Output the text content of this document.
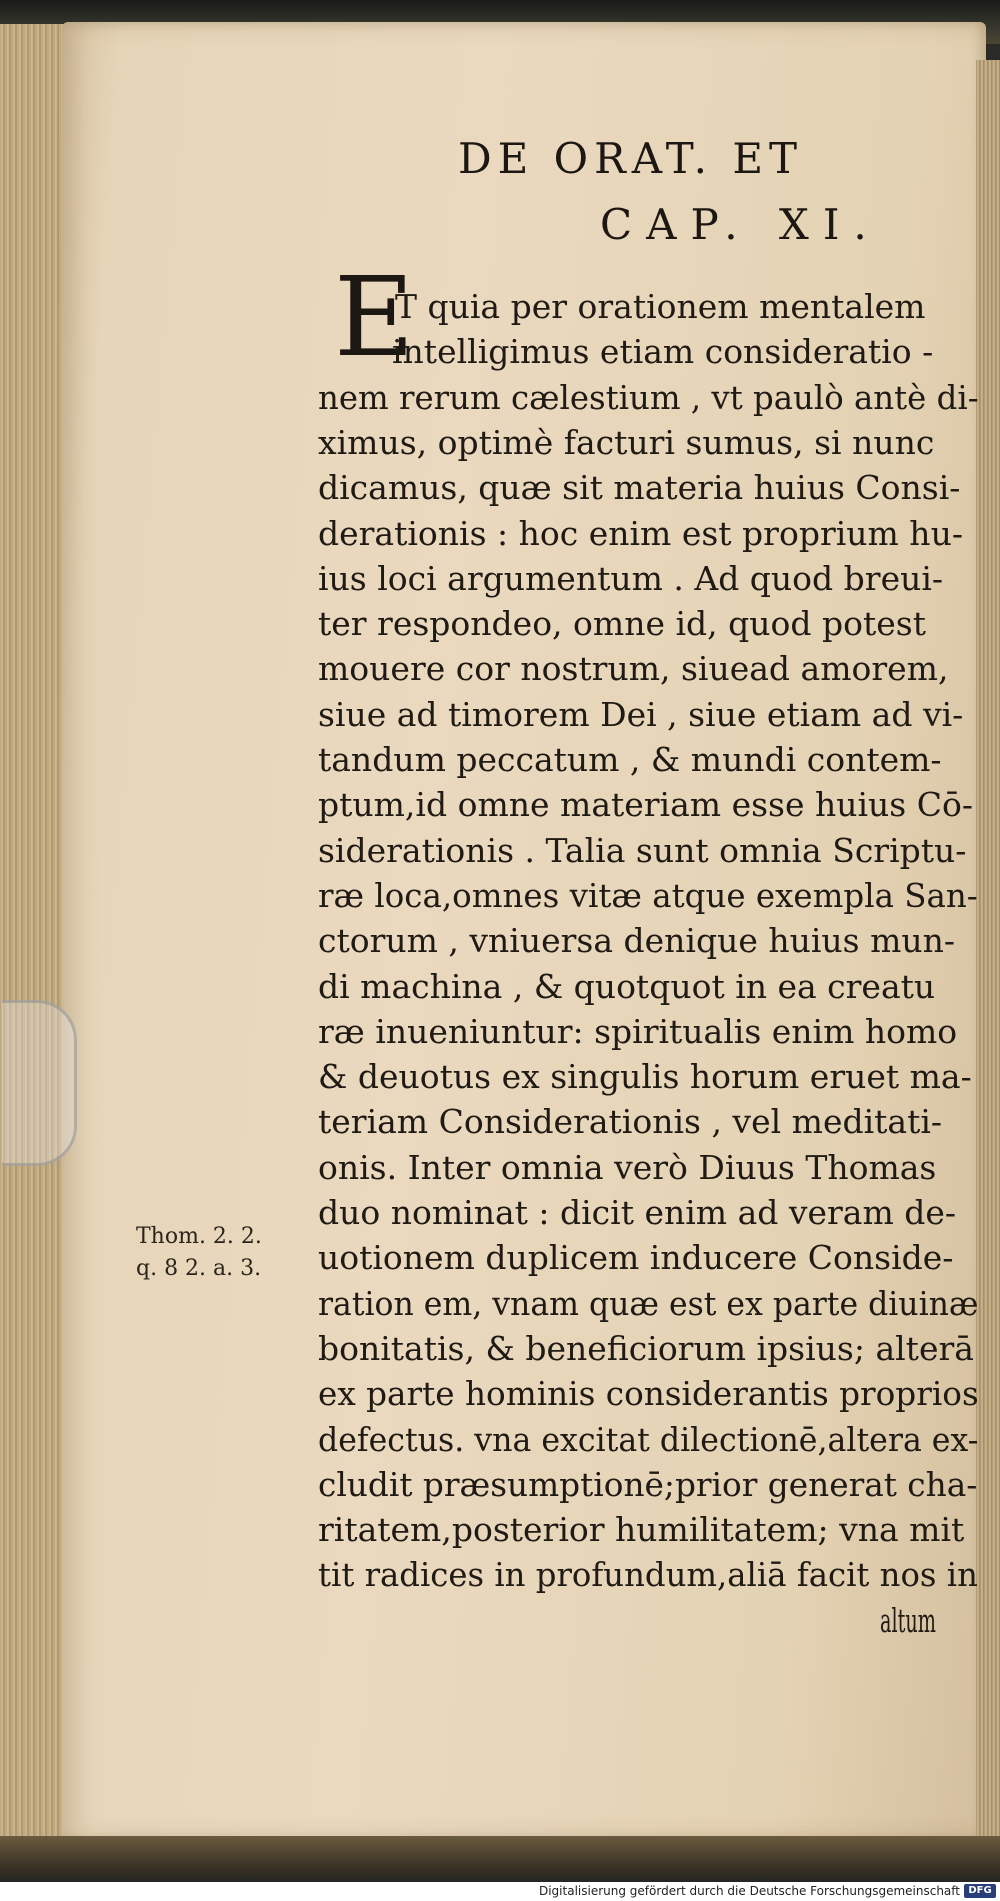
DE ORAT. ET
CAP. XI.
E
T quia per orationem mentalem
intelligimus etiam consideratio -
nem rerum cælestium , vt paulò antè di-
ximus, optimè facturi sumus, si nunc
dicamus, quæ sit materia huius Consi-
derationis : hoc enim est proprium hu-
ius loci argumentum . Ad quod breui-
ter respondeo, omne id, quod potest
mouere cor nostrum, siuead amorem,
siue ad timorem Dei , siue etiam ad vi-
tandum peccatum , & mundi contem-
ptum,id omne materiam esse huius Cō-
siderationis . Talia sunt omnia Scriptu-
ræ loca,omnes vitæ atque exempla San-
ctorum , vniuersa denique huius mun-
di machina , & quotquot in ea creatu
ræ inueniuntur: spiritualis enim homo
& deuotus ex singulis horum eruet ma-
teriam Considerationis , vel meditati-
onis. Inter omnia verò Diuus Thomas
duo nominat : dicit enim ad veram de-
uotionem duplicem inducere Conside-
ration em, vnam quæ est ex parte diuinæ
bonitatis, & beneficiorum ipsius; alterā
ex parte hominis considerantis proprios
defectus. vna excitat dilectionē,altera ex-
cludit præsumptionē;prior generat cha-
ritatem,posterior humilitatem; vna mit
tit radices in profundum,aliā facit nos in
altum
Thom. 2. 2.
q. 8 2. a. 3.
Digitalisierung gefördert durch die Deutsche Forschungsgemeinschaft DFG
